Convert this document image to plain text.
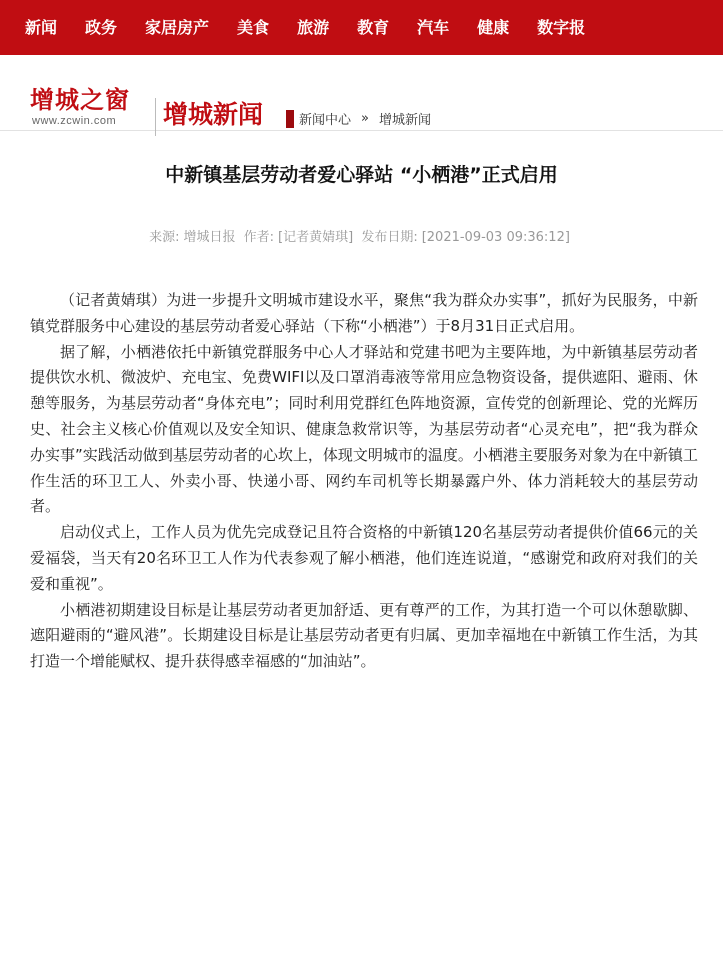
新闻 政务 家居房产 美食 旅游 教育 汽车 健康 数字报
增城之窗
www.zcwin.com 增城新闻	新闻中心 » 增城新闻
中新镇基层劳动者爱心驿站 “小栖港”正式启用
来源: 增城日报 作者: [记者黄婧琪] 发布日期: [2021-09-03 09:36:12]

（记者黄婧琪）为进一步提升文明城市建设水平，聚焦“我为群众办实事”，抓好为民服务，中新镇党群服务中心建设的基层劳动者爱心驿站（下称“小栖港”）于8月31日正式启用。

据了解，小栖港依托中新镇党群服务中心人才驿站和党建书吧为主要阵地，为中新镇基层劳动者提供饮水机、微波炉、充电宝、免费WIFI以及口罩消毒液等常用应急物资设备，提供遮阳、避雨、休憩等服务，为基层劳动者“身体充电”；同时利用党群红色阵地资源，宣传党的创新理论、党的光辉历史、社会主义核心价值观以及安全知识、健康急救常识等，为基层劳动者“心灵充电”，把“我为群众办实事”实践活动做到基层劳动者的心坎上，体现文明城市的温度。小栖港主要服务对象为在中新镇工作生活的环卫工人、外卖小哥、快递小哥、网约车司机等长期暴露户外、体力消耗较大的基层劳动者。

启动仪式上，工作人员为优先完成登记且符合资格的中新镇120名基层劳动者提供价值66元的关爱福袋，当天有20名环卫工人作为代表参观了解小栖港，他们连连说道，“感谢党和政府对我们的关爱和重视”。

小栖港初期建设目标是让基层劳动者更加舒适、更有尊严的工作，为其打造一个可以休憩歇脚、遮阳避雨的“避风港”。长期建设目标是让基层劳动者更有归属、更加幸福地在中新镇工作生活，为其打造一个增能赋权、提升获得感幸福感的“加油站”。
